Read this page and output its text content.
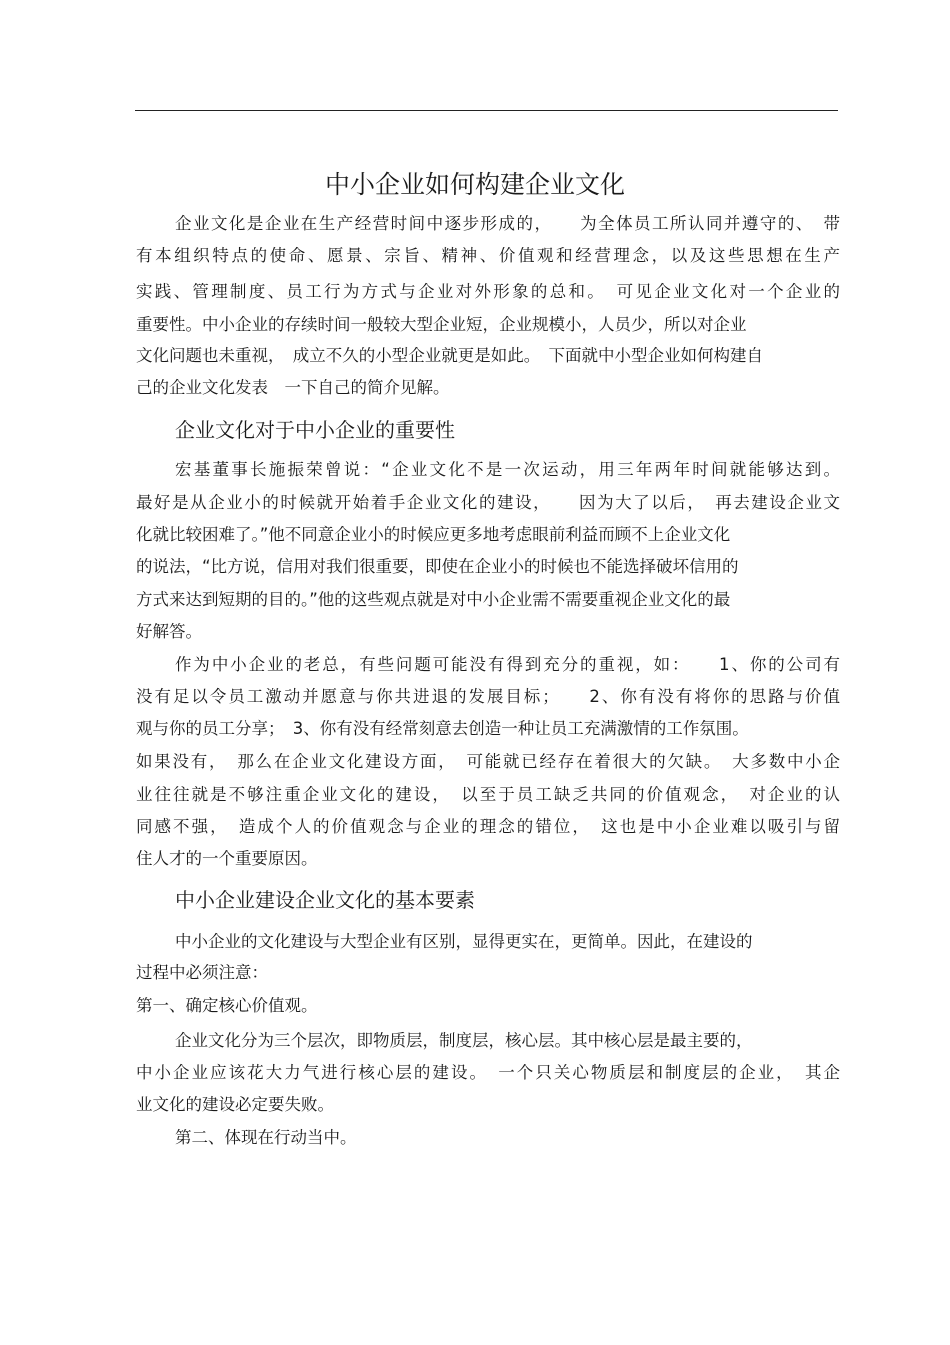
中小企业如何构建企业文化
企业文化是企业在生产经营时间中逐步形成的，　　为全体员工所认同并遵守的、　带
有本组织特点的使命、愿景、宗旨、精神、价值观和经营理念，以及这些思想在生产
实践、管理制度、员工行为方式与企业对外形象的总和。　可见企业文化对一个企业的
重要性。中小企业的存续时间一般较大型企业短，企业规模小，人员少，所以对企业
文化问题也未重视，　成立不久的小型企业就更是如此。　下面就中小型企业如何构建自
己的企业文化发表　一下自己的简介见解。
企业文化对于中小企业的重要性
宏基董事长施振荣曾说：“企业文化不是一次运动，用三年两年时间就能够达到。
最好是从企业小的时候就开始着手企业文化的建设，　　因为大了以后，　再去建设企业文
化就比较困难了。”他不同意企业小的时候应更多地考虑眼前利益而顾不上企业文化
的说法，“比方说，信用对我们很重要，即使在企业小的时候也不能选择破坏信用的
方式来达到短期的目的。”他的这些观点就是对中小企业需不需要重视企业文化的最
好解答。
作为中小企业的老总，有些问题可能没有得到充分的重视，如：　　1、你的公司有
没有足以令员工激动并愿意与你共进退的发展目标；　　2、你有没有将你的思路与价值
观与你的员工分享；　3、你有没有经常刻意去创造一种让员工充满激情的工作氛围。
如果没有，　那么在企业文化建设方面，　可能就已经存在着很大的欠缺。　大多数中小企
业往往就是不够注重企业文化的建设，　以至于员工缺乏共同的价值观念，　对企业的认
同感不强，　造成个人的价值观念与企业的理念的错位，　这也是中小企业难以吸引与留
住人才的一个重要原因。
中小企业建设企业文化的基本要素
中小企业的文化建设与大型企业有区别，显得更实在，更简单。因此，在建设的
过程中必须注意：
第一、确定核心价值观。
企业文化分为三个层次，即物质层，制度层，核心层。其中核心层是最主要的，
中小企业应该花大力气进行核心层的建设。　一个只关心物质层和制度层的企业，　其企
业文化的建设必定要失败。
第二、体现在行动当中。
